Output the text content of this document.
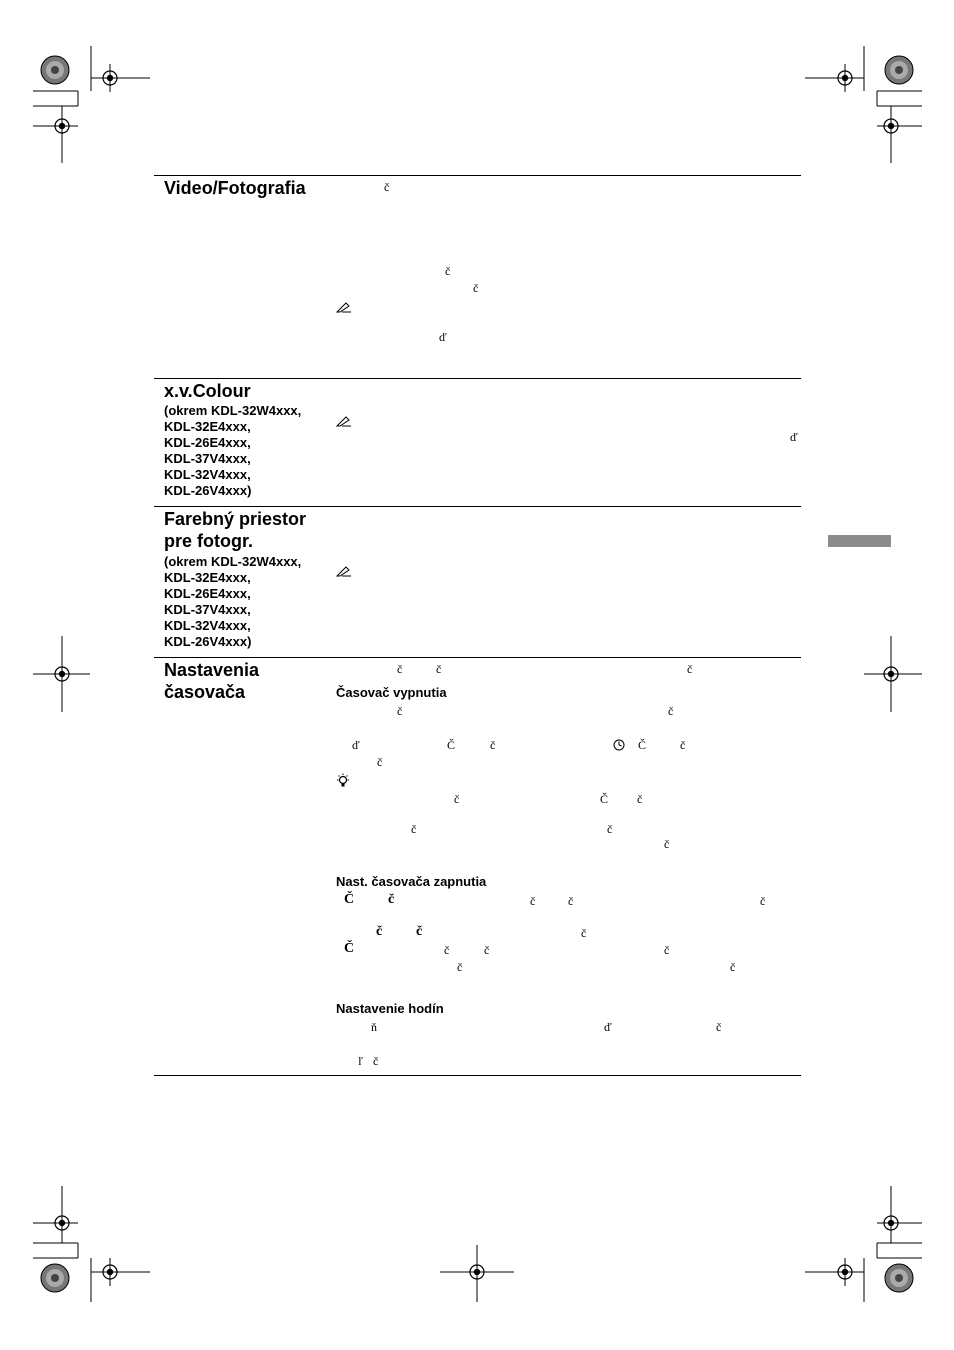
Video/Fotografia	č
č
č
ď
x.v.Colour
(okrem KDL-32W4xxx,
KDL-32E4xxx,
KDL-26E4xxx,
KDL-37V4xxx,
KDL-32V4xxx,
KDL-26V4xxx)
ď
Farebný priestor
pre fotogr.
(okrem KDL-32W4xxx,
KDL-32E4xxx,
KDL-26E4xxx,
KDL-37V4xxx,
KDL-32V4xxx,
KDL-26V4xxx)
Nastavenia
časovača
č	č	č
Časovač vypnutia
č	č
ď	Č	č	Č	č
č
č	Č č
č	č
č
Nast. časovača zapnutia
Č č	č	č	č
č č	č
Č	č	č	č
č	č
Nastavenie hodín
ň	ď	č
ľ č
